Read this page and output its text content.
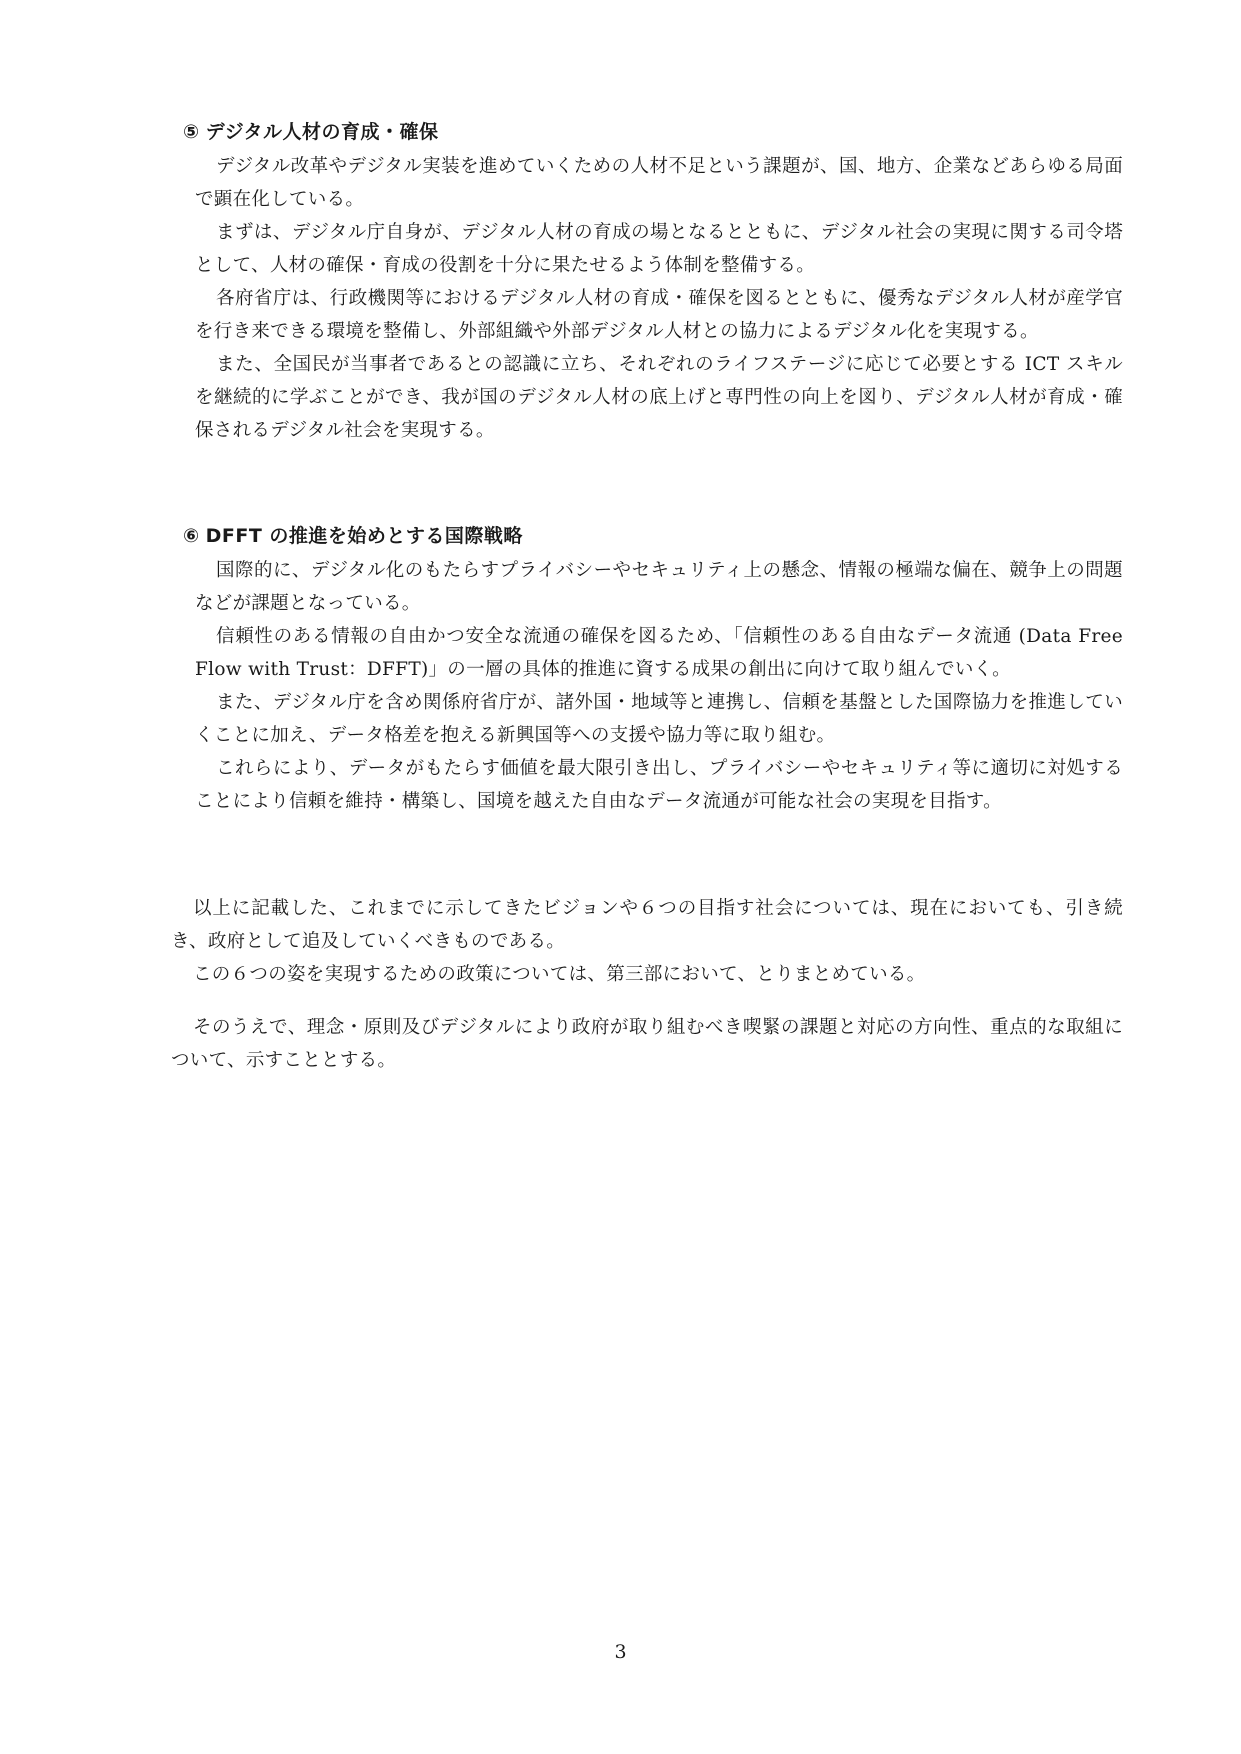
⑤ デジタル人材の育成・確保

デジタル改革やデジタル実装を進めていくための人材不足という課題が、国、地方、企業などあらゆる局面で顕在化している。

まずは、デジタル庁自身が、デジタル人材の育成の場となるとともに、デジタル社会の実現に関する司令塔として、人材の確保・育成の役割を十分に果たせるよう体制を整備する。

各府省庁は、行政機関等におけるデジタル人材の育成・確保を図るとともに、優秀なデジタル人材が産学官を行き来できる環境を整備し、外部組織や外部デジタル人材との協力によるデジタル化を実現する。

また、全国民が当事者であるとの認識に立ち、それぞれのライフステージに応じて必要とする ICT スキルを継続的に学ぶことができ、我が国のデジタル人材の底上げと専門性の向上を図り、デジタル人材が育成・確保されるデジタル社会を実現する。

⑥ DFFT の推進を始めとする国際戦略

国際的に、デジタル化のもたらすプライバシーやセキュリティ上の懸念、情報の極端な偏在、競争上の問題などが課題となっている。

信頼性のある情報の自由かつ安全な流通の確保を図るため、「信頼性のある自由なデータ流通 (Data Free Flow with Trust：DFFT)」の一層の具体的推進に資する成果の創出に向けて取り組んでいく。

また、デジタル庁を含め関係府省庁が、諸外国・地域等と連携し、信頼を基盤とした国際協力を推進していくことに加え、データ格差を抱える新興国等への支援や協力等に取り組む。

これらにより、データがもたらす価値を最大限引き出し、プライバシーやセキュリティ等に適切に対処することにより信頼を維持・構築し、国境を越えた自由なデータ流通が可能な社会の実現を目指す。

以上に記載した、これまでに示してきたビジョンや６つの目指す社会については、現在においても、引き続き、政府として追及していくべきものである。

この６つの姿を実現するための政策については、第三部において、とりまとめている。

そのうえで、理念・原則及びデジタルにより政府が取り組むべき喫緊の課題と対応の方向性、重点的な取組について、示すこととする。

3
